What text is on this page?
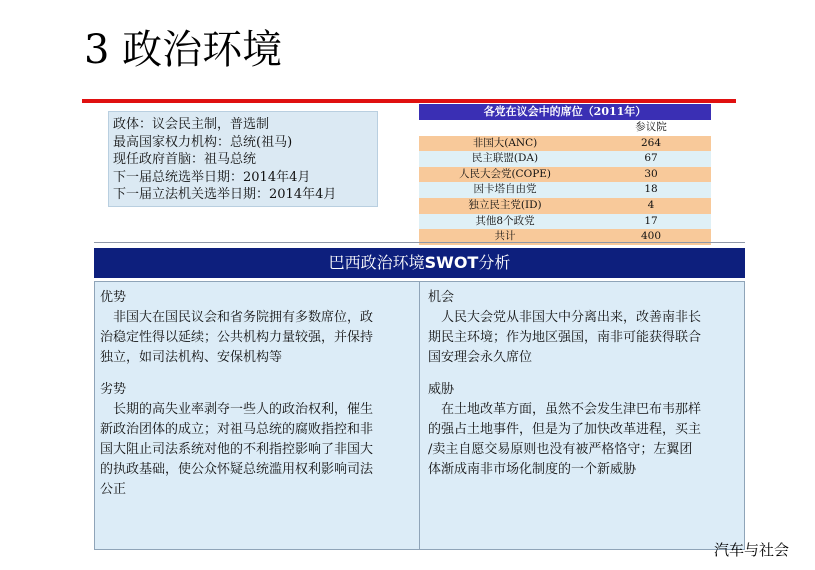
3 政治环境
政体：议会民主制，普选制
最高国家权力机构：总统(祖马)
现任政府首脑：祖马总统
下一届总统选举日期：2014年4月
下一届立法机关选举日期：2014年4月
各党在议会中的席位（2011年）
参议院
非国大(ANC)	264
民主联盟(DA)	67
人民大会党(COPE)	30
因卡塔自由党	18
独立民主党(ID)	4
其他8个政党	17
共计	400
巴西政治环境SWOT分析

优势

　非国大在国民议会和省务院拥有多数席位，政

治稳定性得以延续；公共机构力量较强，并保持

独立，如司法机构、安保机构等

劣势

　长期的高失业率剥夺一些人的政治权利，催生

新政治团体的成立；对祖马总统的腐败指控和非

国大阻止司法系统对他的不利指控影响了非国大

的执政基础，使公众怀疑总统滥用权利影响司法

公正

机会

　人民大会党从非国大中分离出来，改善南非长

期民主环境；作为地区强国，南非可能获得联合

国安理会永久席位

威胁

　在土地改革方面，虽然不会发生津巴布韦那样

的强占土地事件，但是为了加快改革进程，买主

/卖主自愿交易原则也没有被严格恪守；左翼团

体渐成南非市场化制度的一个新威胁

汽车与社会
